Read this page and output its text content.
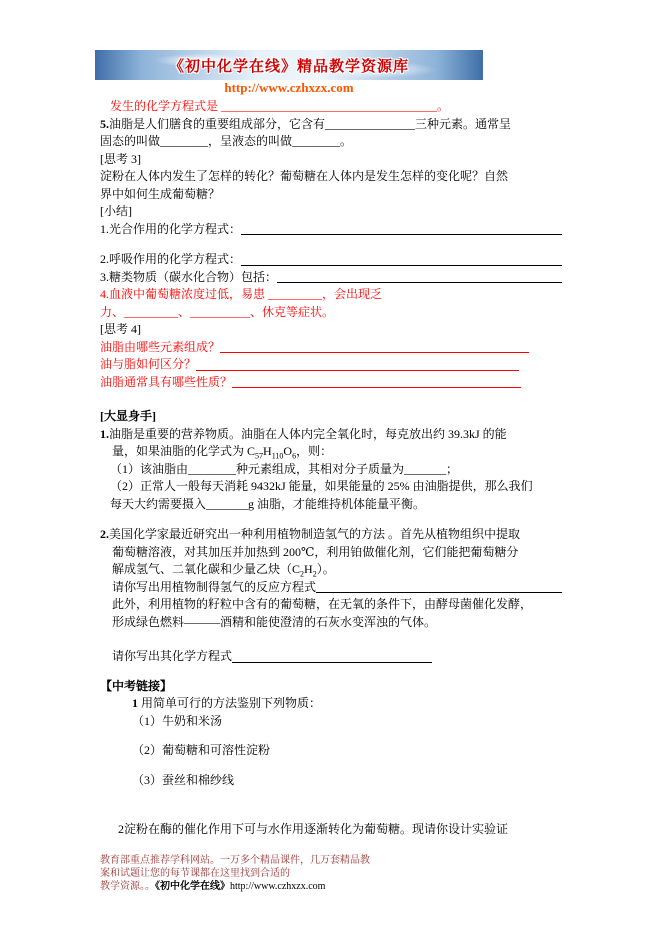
《初中化学在线》精品教学资源库
http://www.czhxzx.com

发生的化学方程式是 ____________________________________。

5.油脂是人们膳食的重要组成部分，它含有_______________三种元素。通常呈
固态的叫做________，呈液态的叫做________。

[思考 3]

淀粉在人体内发生了怎样的转化？葡萄糖在人体内是发生怎样的变化呢？自然
界中如何生成葡萄糖？

[小结]

1.光合作用的化学方程式：

2.呼吸作用的化学方程式：

3.糖类物质（碳水化合物）包括：

4.血液中葡萄糖浓度过低，易患 _________，会出现乏
力、_________、__________、休克等症状。

[思考 4]

油脂由哪些元素组成？

油与脂如何区分？

油脂通常具有哪些性质？

[大显身手]

1.油脂是重要的营养物质。油脂在人体内完全氧化时，每克放出约 39.3kJ 的能
量，如果油脂的化学式为 $C_{57}H_{110}O_6$，则：

（1）该油脂由________种元素组成，其相对分子质量为_______；

（2）正常人一般每天消耗 9432kJ 能量，如果能量的 25% 由油脂提供，那么我们
每天大约需要摄入_______g 油脂，才能维持机体能量平衡。

2.美国化学家最近研究出一种利用植物制造氢气的方法 。首先从植物组织中提取
葡萄糖溶液，对其加压并加热到 200℃，利用铂做催化剂，它们能把葡萄糖分
解成氢气、二氧化碳和少量乙炔$(C_2H_2)$。

请你写出用植物制得氢气的反应方程式

此外，利用植物的籽粒中含有的葡萄糖，在无氧的条件下，由酵母菌催化发酵，
形成绿色燃料———酒精和能使澄清的石灰水变浑浊的气体。

请你写出其化学方程式

【中考链接】

1 用简单可行的方法鉴别下列物质：

（1）牛奶和米汤

（2）葡萄糖和可溶性淀粉

（3）蚕丝和棉纱线

2淀粉在酶的催化作用下可与水作用逐渐转化为葡萄糖。现请你设计实验证

教育部重点推荐学科网站。一万多个精品课件，几万套精品教案和试题让您的每节课都在这里找到合适的
教学资源。。《初中化学在线》http://www.czhxzx.com
